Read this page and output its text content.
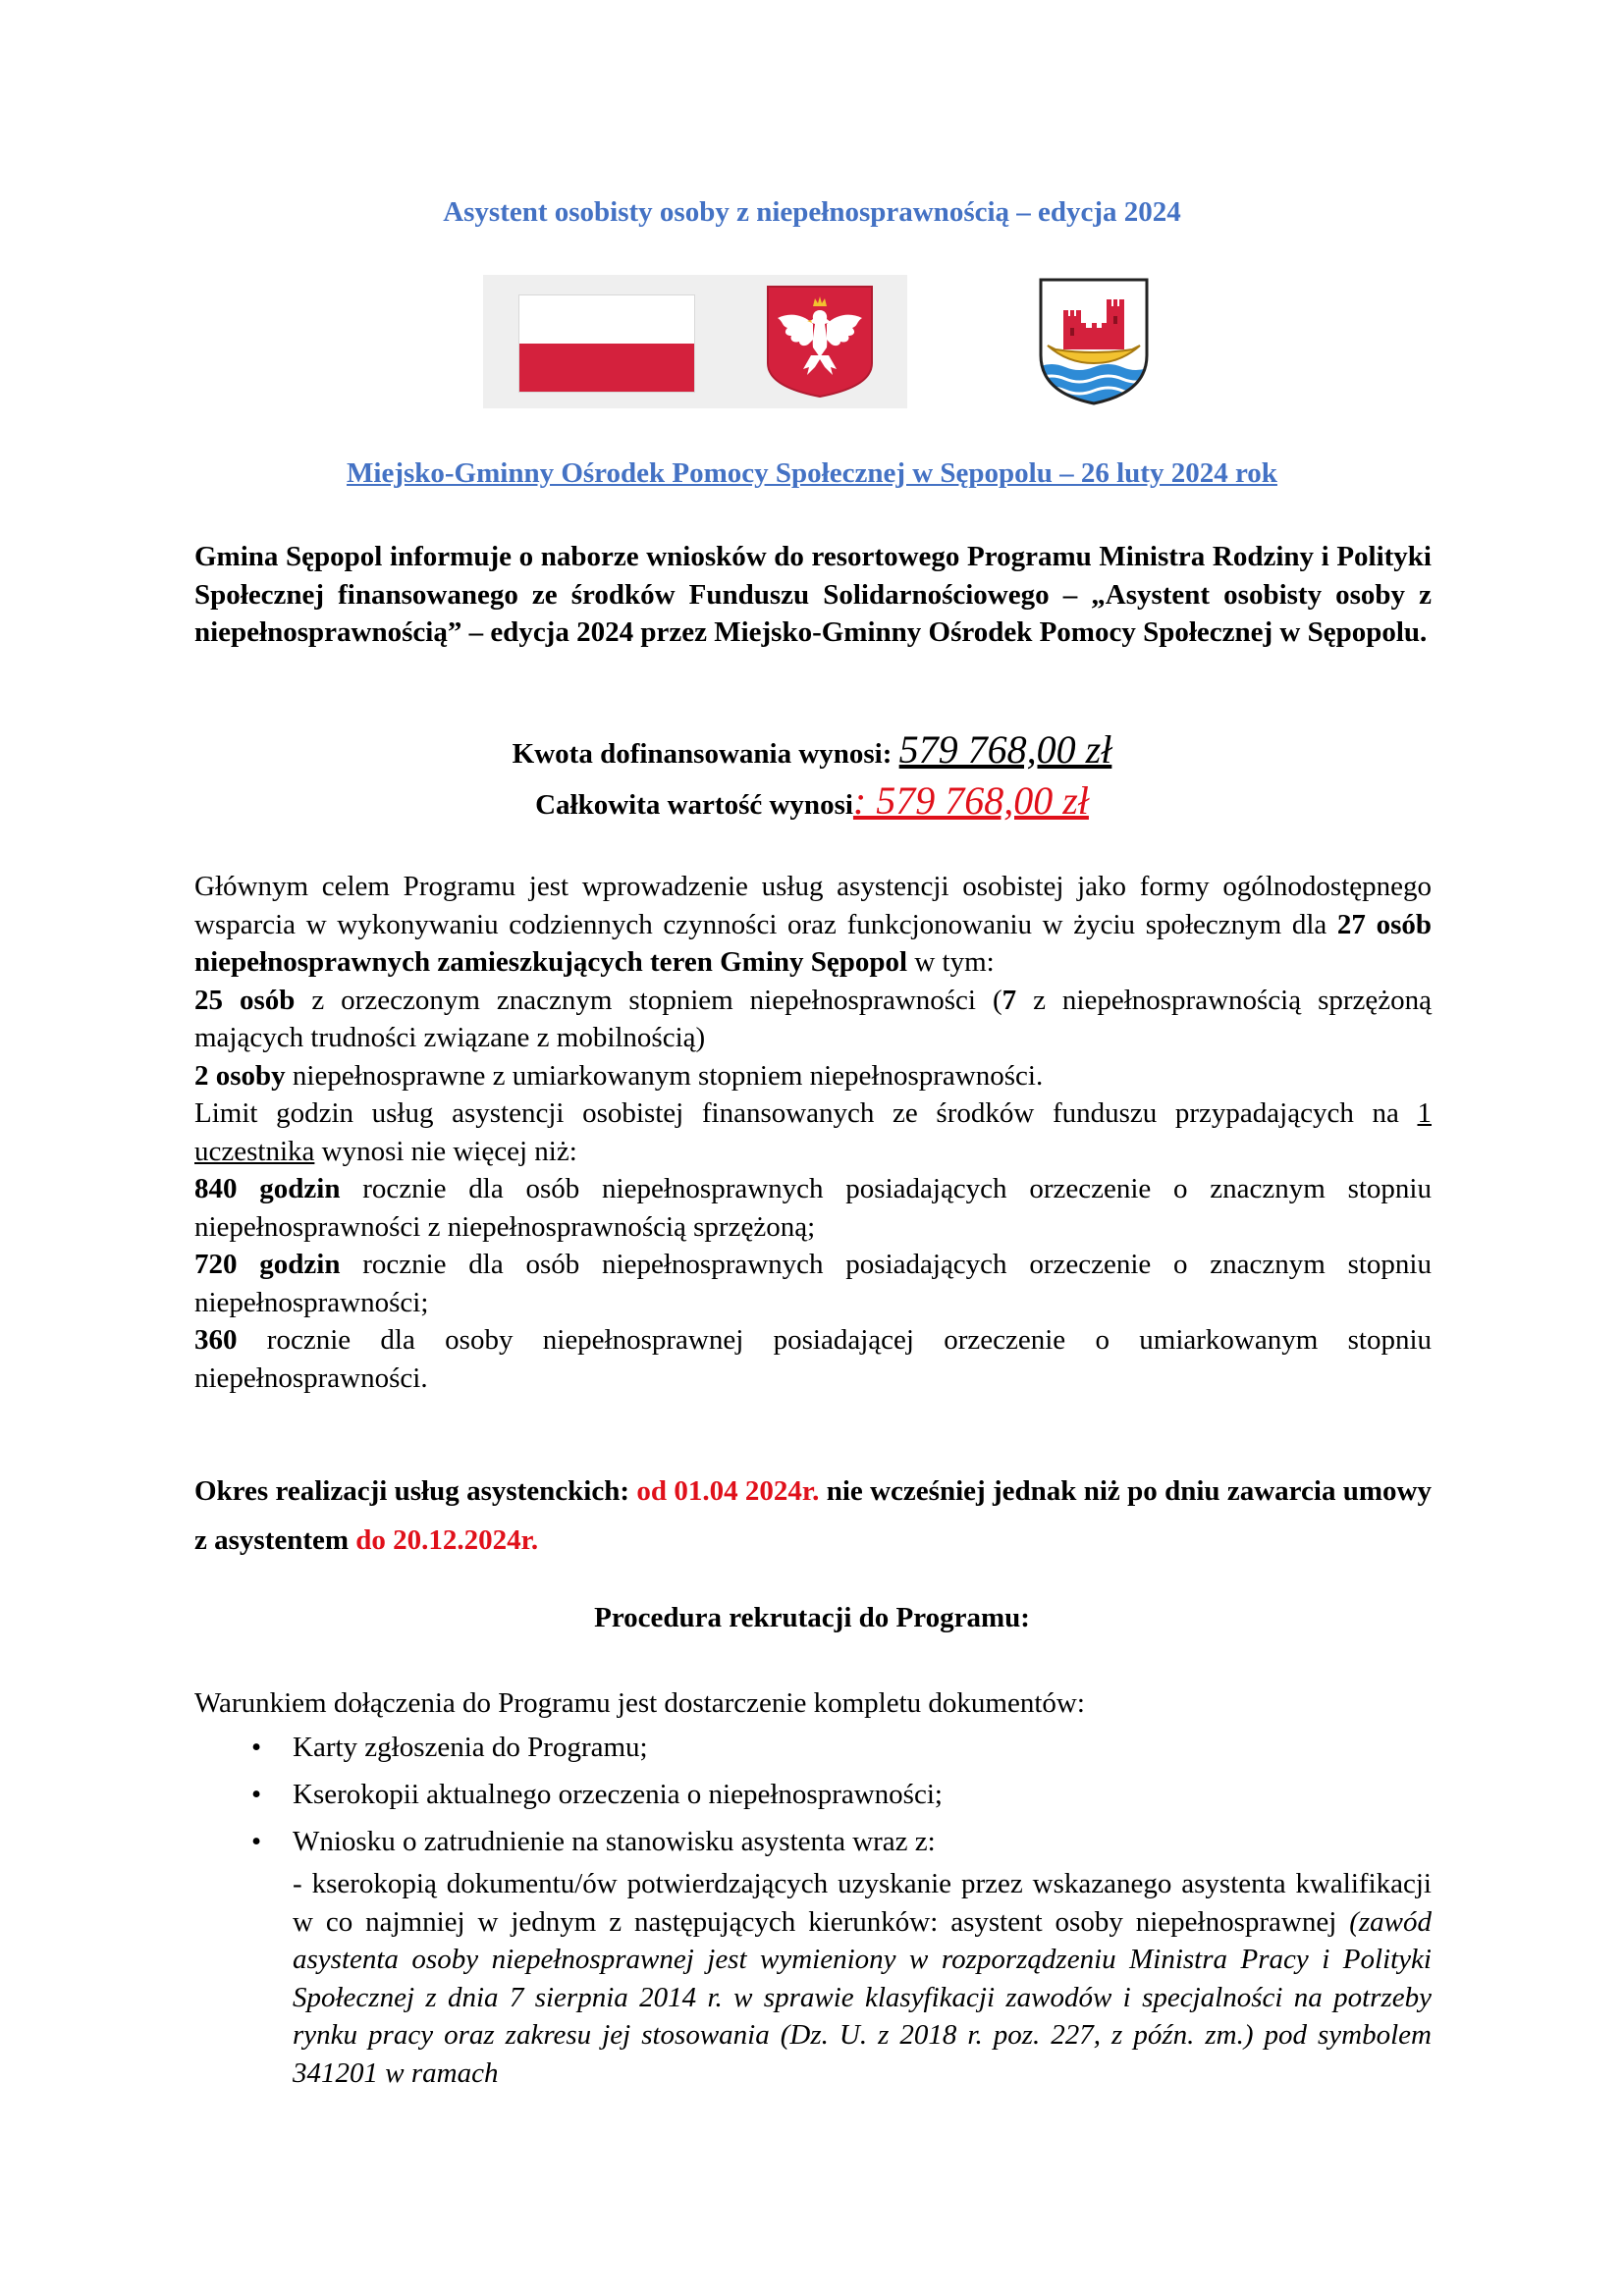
Asystent osobisty osoby z niepełnosprawnością – edycja 2024
Miejsko-Gminny Ośrodek Pomocy Społecznej w Sępopolu – 26 luty 2024 rok
Gmina Sępopol informuje o naborze wniosków do resortowego Programu Ministra Rodziny i Polityki Społecznej finansowanego ze środków Funduszu Solidarnościowego – „Asystent osobisty osoby z niepełnosprawnością” – edycja 2024 przez Miejsko-Gminny Ośrodek Pomocy Społecznej w Sępopolu.
Kwota dofinansowania wynosi: 579 768,00 zł
Całkowita wartość wynosi: 579 768,00 zł
Głównym celem Programu jest wprowadzenie usług asystencji osobistej jako formy ogólnodostępnego wsparcia w wykonywaniu codziennych czynności oraz funkcjonowaniu w życiu społecznym dla 27 osób niepełnosprawnych zamieszkujących teren Gminy Sępopol w tym:
25 osób z orzeczonym znacznym stopniem niepełnosprawności (7 z niepełnosprawnością sprzężoną mających trudności związane z mobilnością)
2 osoby niepełnosprawne z umiarkowanym stopniem niepełnosprawności.
Limit godzin usług asystencji osobistej finansowanych ze środków funduszu przypadających na 1 uczestnika wynosi nie więcej niż:
840 godzin rocznie dla osób niepełnosprawnych posiadających orzeczenie o znacznym stopniu niepełnosprawności z niepełnosprawnością sprzężoną;
720 godzin rocznie dla osób niepełnosprawnych posiadających orzeczenie o znacznym stopniu niepełnosprawności;
360 rocznie dla osoby niepełnosprawnej posiadającej orzeczenie o umiarkowanym stopniu niepełnosprawności.
Okres realizacji usług asystenckich: od 01.04 2024r. nie wcześniej jednak niż po dniu zawarcia umowy z asystentem do 20.12.2024r.
Procedura rekrutacji do Programu:
Warunkiem dołączenia do Programu jest dostarczenie kompletu dokumentów:
• Karty zgłoszenia do Programu;
• Kserokopii aktualnego orzeczenia o niepełnosprawności;
• Wniosku o zatrudnienie na stanowisku asystenta wraz z:
- kserokopią dokumentu/ów potwierdzających uzyskanie przez wskazanego asystenta kwalifikacji w co najmniej w jednym z następujących kierunków: asystent osoby niepełnosprawnej (zawód asystenta osoby niepełnosprawnej jest wymieniony w rozporządzeniu Ministra Pracy i Polityki Społecznej z dnia 7 sierpnia 2014 r. w sprawie klasyfikacji zawodów i specjalności na potrzeby rynku pracy oraz zakresu jej stosowania (Dz. U. z 2018 r. poz. 227, z późn. zm.) pod symbolem 341201 w ramach
